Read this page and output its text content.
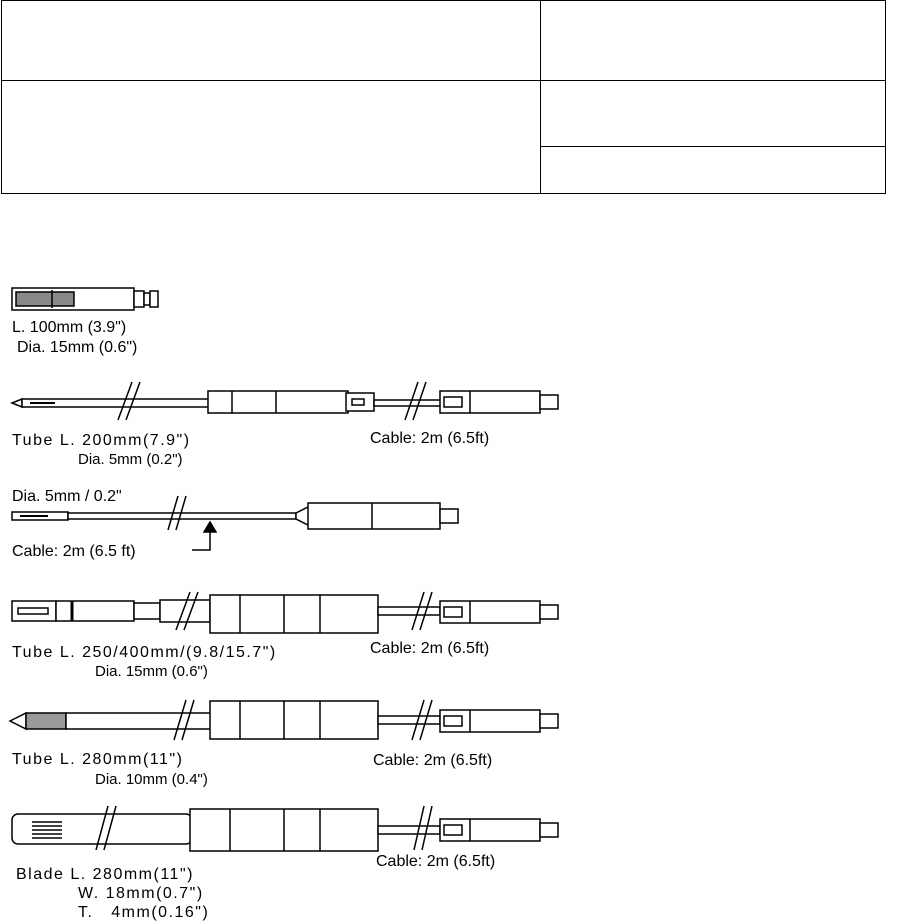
L. 100mm (3.9")
Dia. 15mm (0.6")
Tube L. 200mm(7.9")
Dia. 5mm (0.2")
Cable: 2m (6.5ft)
Dia. 5mm / 0.2"
Cable: 2m (6.5 ft)
Tube L. 250/400mm/(9.8/15.7")
Dia. 15mm (0.6")
Cable: 2m (6.5ft)
Tube L. 280mm(11")
Dia. 10mm (0.4")
Cable: 2m (6.5ft)
Blade L. 280mm(11")
W. 18mm(0.7")
T.   4mm(0.16")
Cable: 2m (6.5ft)
